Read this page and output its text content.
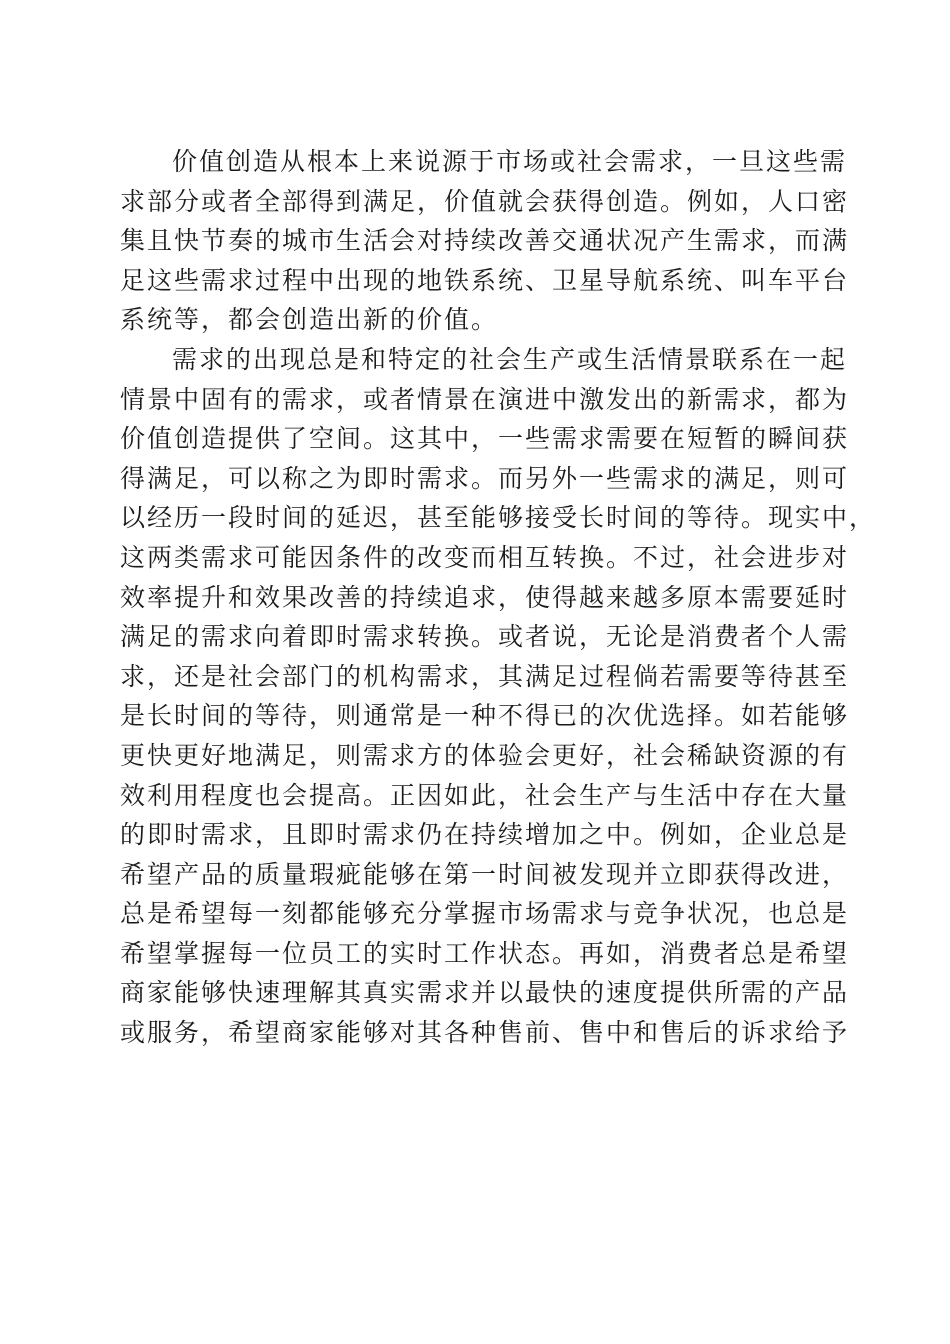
价值创造从根本上来说源于市场或社会需求，一旦这些需
求部分或者全部得到满足，价值就会获得创造。例如，人口密
集且快节奏的城市生活会对持续改善交通状况产生需求，而满
足这些需求过程中出现的地铁系统、卫星导航系统、叫车平台
系统等，都会创造出新的价值。
需求的出现总是和特定的社会生产或生活情景联系在一起
情景中固有的需求，或者情景在演进中激发出的新需求，都为
价值创造提供了空间。这其中，一些需求需要在短暂的瞬间获
得满足，可以称之为即时需求。而另外一些需求的满足，则可
以经历一段时间的延迟，甚至能够接受长时间的等待。现实中，
这两类需求可能因条件的改变而相互转换。不过，社会进步对
效率提升和效果改善的持续追求，使得越来越多原本需要延时
满足的需求向着即时需求转换。或者说，无论是消费者个人需
求，还是社会部门的机构需求，其满足过程倘若需要等待甚至
是长时间的等待，则通常是一种不得已的次优选择。如若能够
更快更好地满足，则需求方的体验会更好，社会稀缺资源的有
效利用程度也会提高。正因如此，社会生产与生活中存在大量
的即时需求，且即时需求仍在持续增加之中。例如，企业总是
希望产品的质量瑕疵能够在第一时间被发现并立即获得改进，
总是希望每一刻都能够充分掌握市场需求与竞争状况，也总是
希望掌握每一位员工的实时工作状态。再如，消费者总是希望
商家能够快速理解其真实需求并以最快的速度提供所需的产品
或服务，希望商家能够对其各种售前、售中和售后的诉求给予
